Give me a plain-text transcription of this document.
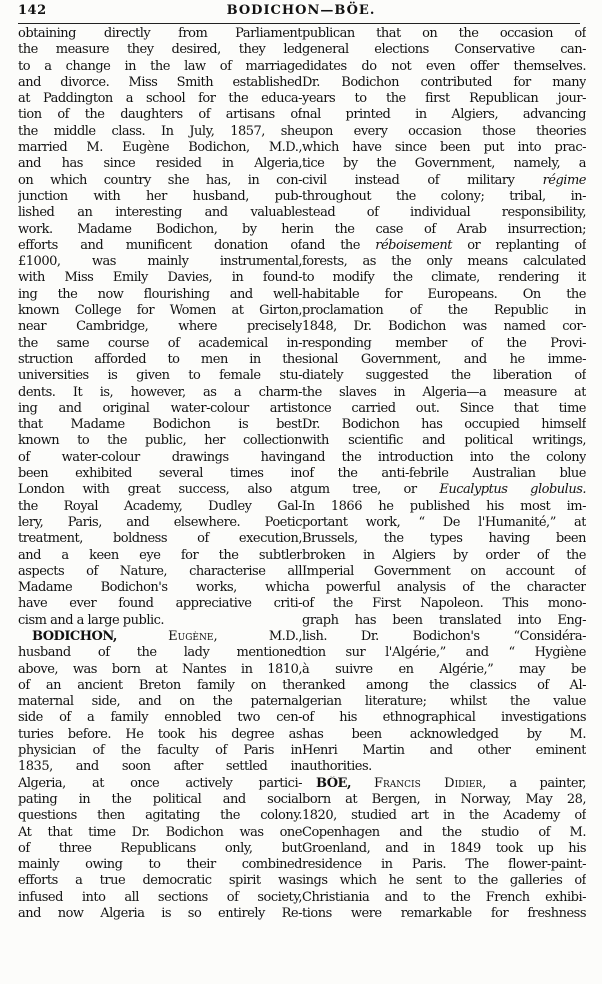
142	BODICHON—BÖE.
obtaining directly from Parliament
the measure they desired, they led
to a change in the law of marriage
and divorce. Miss Smith established
at Paddington a school for the educa-
tion of the daughters of artisans of
the middle class. In July, 1857, she
married M. Eugène Bodichon, M.D.,
and has since resided in Algeria,
on which country she has, in con-
junction with her husband, pub-
lished an interesting and valuable
work. Madame Bodichon, by her
efforts and munificent donation of
£1000, was mainly instrumental,
with Miss Emily Davies, in found-
ing the now flourishing and well-
known College for Women at Girton,
near Cambridge, where precisely
the same course of academical in-
struction afforded to men in the
universities is given to female stu-
dents. It is, however, as a charm-
ing and original water-colour artist
that Madame Bodichon is best
known to the public, her collection
of water-colour drawings having
been exhibited several times in
London with great success, also at
the Royal Academy, Dudley Gal-
lery, Paris, and elsewhere. Poetic
treatment, boldness of execution,
and a keen eye for the subtler
aspects of Nature, characterise all
Madame Bodichon's works, which
have ever found appreciative criti-
cism and a large public.
BODICHON,	Eugène,	M.D.,
husband of the lady mentioned
above, was born at Nantes in 1810,
of an ancient Breton family on the
maternal side, and on the paternal
side of a family ennobled two cen-
turies before. He took his degree as
physician of the faculty of Paris in
1835, and soon after settled in
Algeria, at once actively partici-
pating in the political and social
questions then agitating the colony.
At that time Dr. Bodichon was one
of three Republicans only, but
mainly owing to their combined
efforts a true democratic spirit was
infused into all sections of society,
and now Algeria is so entirely Re-
publican that on the occasion of
general elections Conservative can-
didates do not even offer themselves.
Dr. Bodichon contributed for many
years to the first Republican jour-
nal printed in Algiers, advancing
upon every occasion those theories
which have since been put into prac-
tice by the Government, namely, a
civil instead of military régime
throughout the colony; tribal, in-
stead of individual responsibility,
in the case of Arab insurrection;
and the réboisement or replanting of
forests, as the only means calculated
to modify the climate, rendering it
habitable for Europeans. On the
proclamation of the Republic in
1848, Dr. Bodichon was named cor-
responding member of the Provi-
sional Government, and he imme-
diately suggested the liberation of
the slaves in Algeria—a measure at
once carried out. Since that time
Dr. Bodichon has occupied himself
with scientific and political writings,
and the introduction into the colony
of the anti-febrile Australian blue
gum tree, or Eucalyptus globulus.
In 1866 he published his most im-
portant work, “ De l'Humanité,” at
Brussels, the types having been
broken in Algiers by order of the
Imperial Government on account of
a powerful analysis of the character
of the First Napoleon. This mono-
graph has been translated into Eng-
lish. Dr. Bodichon's “Considéra-
tion sur l'Algérie,” and “ Hygiène
à suivre en Algérie,” may be
ranked among the classics of Al-
gerian literature; whilst the value
of his ethnographical investigations
has been acknowledged by M.
Henri Martin and other eminent
authorities.
BÖE, Francis Didier, a painter,
born at Bergen, in Norway, May 28,
1820, studied art in the Academy of
Copenhagen and the studio of M.
Groenland, and in 1849 took up his
residence in Paris. The flower-paint-
ings which he sent to the galleries of
Christiania and to the French exhibi-
tions were remarkable for freshness
